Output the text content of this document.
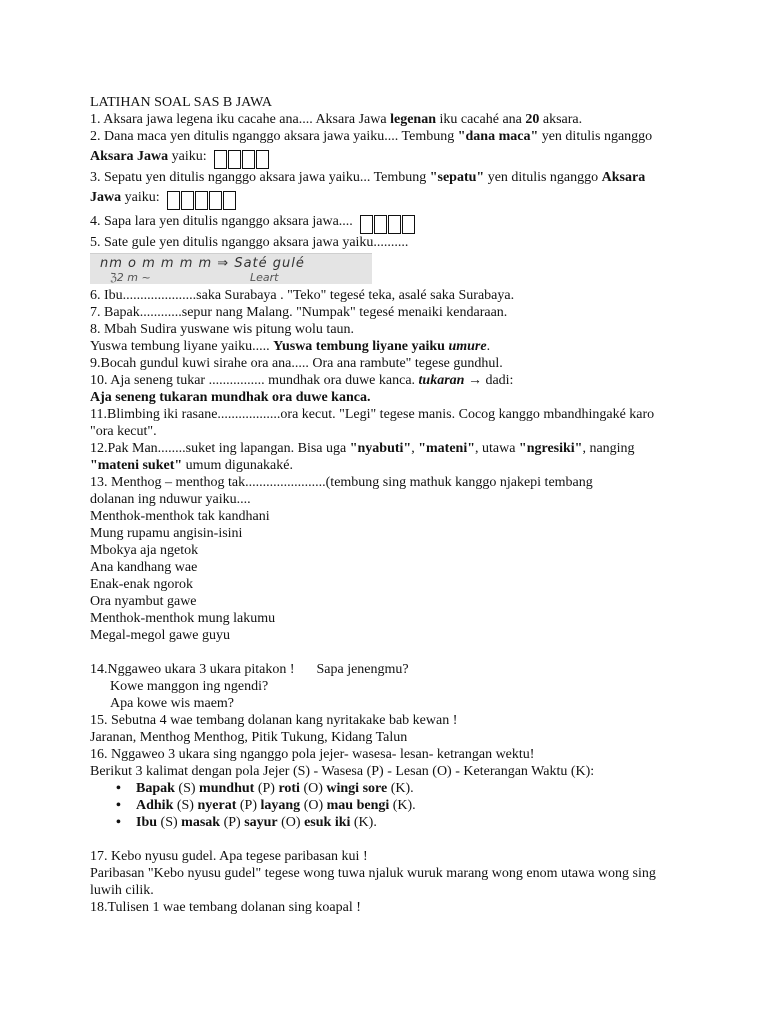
LATIHAN SOAL SAS B JAWA

1. Aksara jawa legena iku cacahe ana.... Aksara Jawa legenan iku cacahé ana 20 aksara.

2. Dana maca yen ditulis nganggo aksara jawa yaiku.... Tembung "dana maca" yen ditulis nganggo

Aksara Jawa yaiku:

3. Sepatu yen ditulis nganggo aksara jawa yaiku... Tembung "sepatu" yen ditulis nganggo Aksara

Jawa yaiku:

4. Sapa lara yen ditulis nganggo aksara jawa....

5. Sate gule yen ditulis nganggo aksara jawa yaiku..........

nm o m m m m ⇒ Saté gulé
ℨ2 m ~	Leart

6. Ibu.....................saka Surabaya . "Teko" tegesé teka, asalé saka Surabaya.

7. Bapak............sepur nang Malang. "Numpak" tegesé menaiki kendaraan.

8. Mbah Sudira yuswane wis pitung wolu taun.

Yuswa tembung liyane yaiku..... Yuswa tembung liyane yaiku umure.

9.Bocah gundul kuwi sirahe ora ana..... Ora ana rambute" tegese gundhul.

10. Aja seneng tukar ................ mundhak ora duwe kanca. tukaran → dadi:

Aja seneng tukaran mundhak ora duwe kanca.

11.Blimbing iki rasane..................ora kecut. "Legi" tegese manis. Cocog kanggo mbandhingaké karo

"ora kecut".

12.Pak Man........suket ing lapangan. Bisa uga "nyabuti", "mateni", utawa "ngresiki", nanging

"mateni suket" umum digunakaké.

13. Menthog – menthog tak.......................(tembung sing mathuk kanggo njakepi tembang

dolanan ing nduwur yaiku....

Menthok-menthok tak kandhani

Mung rupamu angisin-isini

Mbokya aja ngetok

Ana kandhang wae

Enak-enak ngorok

Ora nyambut gawe

Menthok-menthok mung lakumu

Megal-megol gawe guyu

14.Nggaweo ukara 3 ukara pitakon ! Sapa jenengmu?

Kowe manggon ing ngendi?

Apa kowe wis maem?

15. Sebutna 4 wae tembang dolanan kang nyritakake bab kewan !

Jaranan, Menthog Menthog, Pitik Tukung, Kidang Talun

16. Nggaweo 3 ukara sing nganggo pola jejer- wasesa- lesan- ketrangan wektu!

Berikut 3 kalimat dengan pola Jejer (S) - Wasesa (P) - Lesan (O) - Keterangan Waktu (K):

• Bapak (S) mundhut (P) roti (O) wingi sore (K).
• Adhik (S) nyerat (P) layang (O) mau bengi (K).
• Ibu (S) masak (P) sayur (O) esuk iki (K).

17. Kebo nyusu gudel. Apa tegese paribasan kui !

Paribasan "Kebo nyusu gudel" tegese wong tuwa njaluk wuruk marang wong enom utawa wong sing

luwih cilik.

18.Tulisen 1 wae tembang dolanan sing koapal !
